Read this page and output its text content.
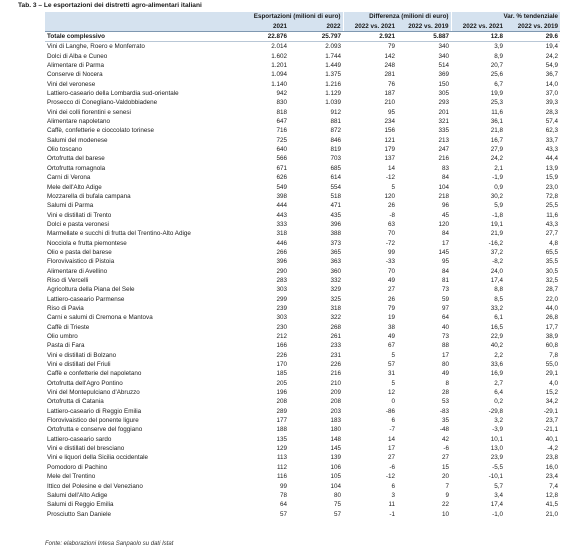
Tab. 3 – Le esportazioni dei distretti agro-alimentari italiani
	Esportazioni (milioni di euro)		Differenza (milioni di euro)		Var. % tendenziale	
	2021	2022	2022 vs. 2021	2022 vs. 2019	2022 vs. 2021	2022 vs. 2019
Totale complessivo	22.876	25.797	2.921	5.887	12.8	29.6
Vini di Langhe, Roero e Monferrato	2.014	2.093	79	340	3,9	19,4
Dolci di Alba e Cuneo	1.602	1.744	142	340	8,9	24,2
Alimentare di Parma	1.201	1.449	248	514	20,7	54,9
Conserve di Nocera	1.094	1.375	281	369	25,6	36,7
Vini del veronese	1.140	1.216	76	150	6,7	14,0
Lattiero-caseario della Lombardia sud-orientale	942	1.129	187	305	19,9	37,0
Prosecco di Conegliano-Valdobbiadene	830	1.039	210	293	25,3	39,3
Vini dei colli fiorentini e senesi	818	912	95	201	11,6	28,3
Alimentare napoletano	647	881	234	321	36,1	57,4
Caffè, confetterie e cioccolato torinese	716	872	156	335	21,8	62,3
Salumi del modenese	725	846	121	213	16,7	33,7
Olio toscano	640	819	179	247	27,9	43,3
Ortofrutta del barese	566	703	137	216	24,2	44,4
Ortofrutta romagnola	671	685	14	83	2,1	13,9
Carni di Verona	626	614	-12	84	-1,9	15,9
Mele dell'Alto Adige	549	554	5	104	0,9	23,0
Mozzarella di bufala campana	398	518	120	218	30,2	72,8
Salumi di Parma	444	471	26	96	5,9	25,5
Vini e distillati di Trento	443	435	-8	45	-1,8	11,6
Dolci e pasta veronesi	333	396	63	120	19,1	43,3
Marmellate e succhi di frutta del Trentino-Alto Adige	318	388	70	84	21,9	27,7
Nocciola e frutta piemontese	446	373	-72	17	-16,2	4,8
Olio e pasta del barese	266	365	99	145	37,2	65,5
Florovivaistico di Pistoia	396	363	-33	95	-8,2	35,5
Alimentare di Avellino	290	360	70	84	24,0	30,5
Riso di Vercelli	283	332	49	81	17,4	32,5
Agricoltura della Piana del Sele	303	329	27	73	8,8	28,7
Lattiero-caseario Parmense	299	325	26	59	8,5	22,0
Riso di Pavia	239	318	79	97	33,2	44,0
Carni e salumi di Cremona e Mantova	303	322	19	64	6,1	26,8
Caffè di Trieste	230	268	38	40	16,5	17,7
Olio umbro	212	261	49	73	22,9	38,9
Pasta di Fara	166	233	67	88	40,2	60,8
Vini e distillati di Bolzano	226	231	5	17	2,2	7,8
Vini e distillati del Friuli	170	226	57	80	33,6	55,0
Caffè e confetterie del napoletano	185	216	31	49	16,9	29,1
Ortofrutta dell'Agro Pontino	205	210	5	8	2,7	4,0
Vini del Montepulciano d'Abruzzo	196	209	12	28	6,4	15,2
Ortofrutta di Catania	208	208	0	53	0,2	34,2
Lattiero-caseario di Reggio Emilia	289	203	-86	-83	-29,8	-29,1
Florovivaistico del ponente ligure	177	183	6	35	3,2	23,7
Ortofrutta e conserve del foggiano	188	180	-7	-48	-3,9	-21,1
Lattiero-caseario sardo	135	148	14	42	10,1	40,1
Vini e distillati del bresciano	129	145	17	-6	13,0	-4,2
Vini e liquori della Sicilia occidentale	113	139	27	27	23,9	23,8
Pomodoro di Pachino	112	106	-6	15	-5,5	16,0
Mele del Trentino	116	105	-12	20	-10,1	23,4
Ittico del Polesine e del Veneziano	99	104	6	7	5,7	7,4
Salumi dell'Alto Adige	78	80	3	9	3,4	12,8
Salumi di Reggio Emilia	64	75	11	22	17,4	41,5
Prosciutto San Daniele	57	57	-1	10	-1,0	21,0
Fonte: elaborazioni Intesa Sanpaolo su dati Istat
